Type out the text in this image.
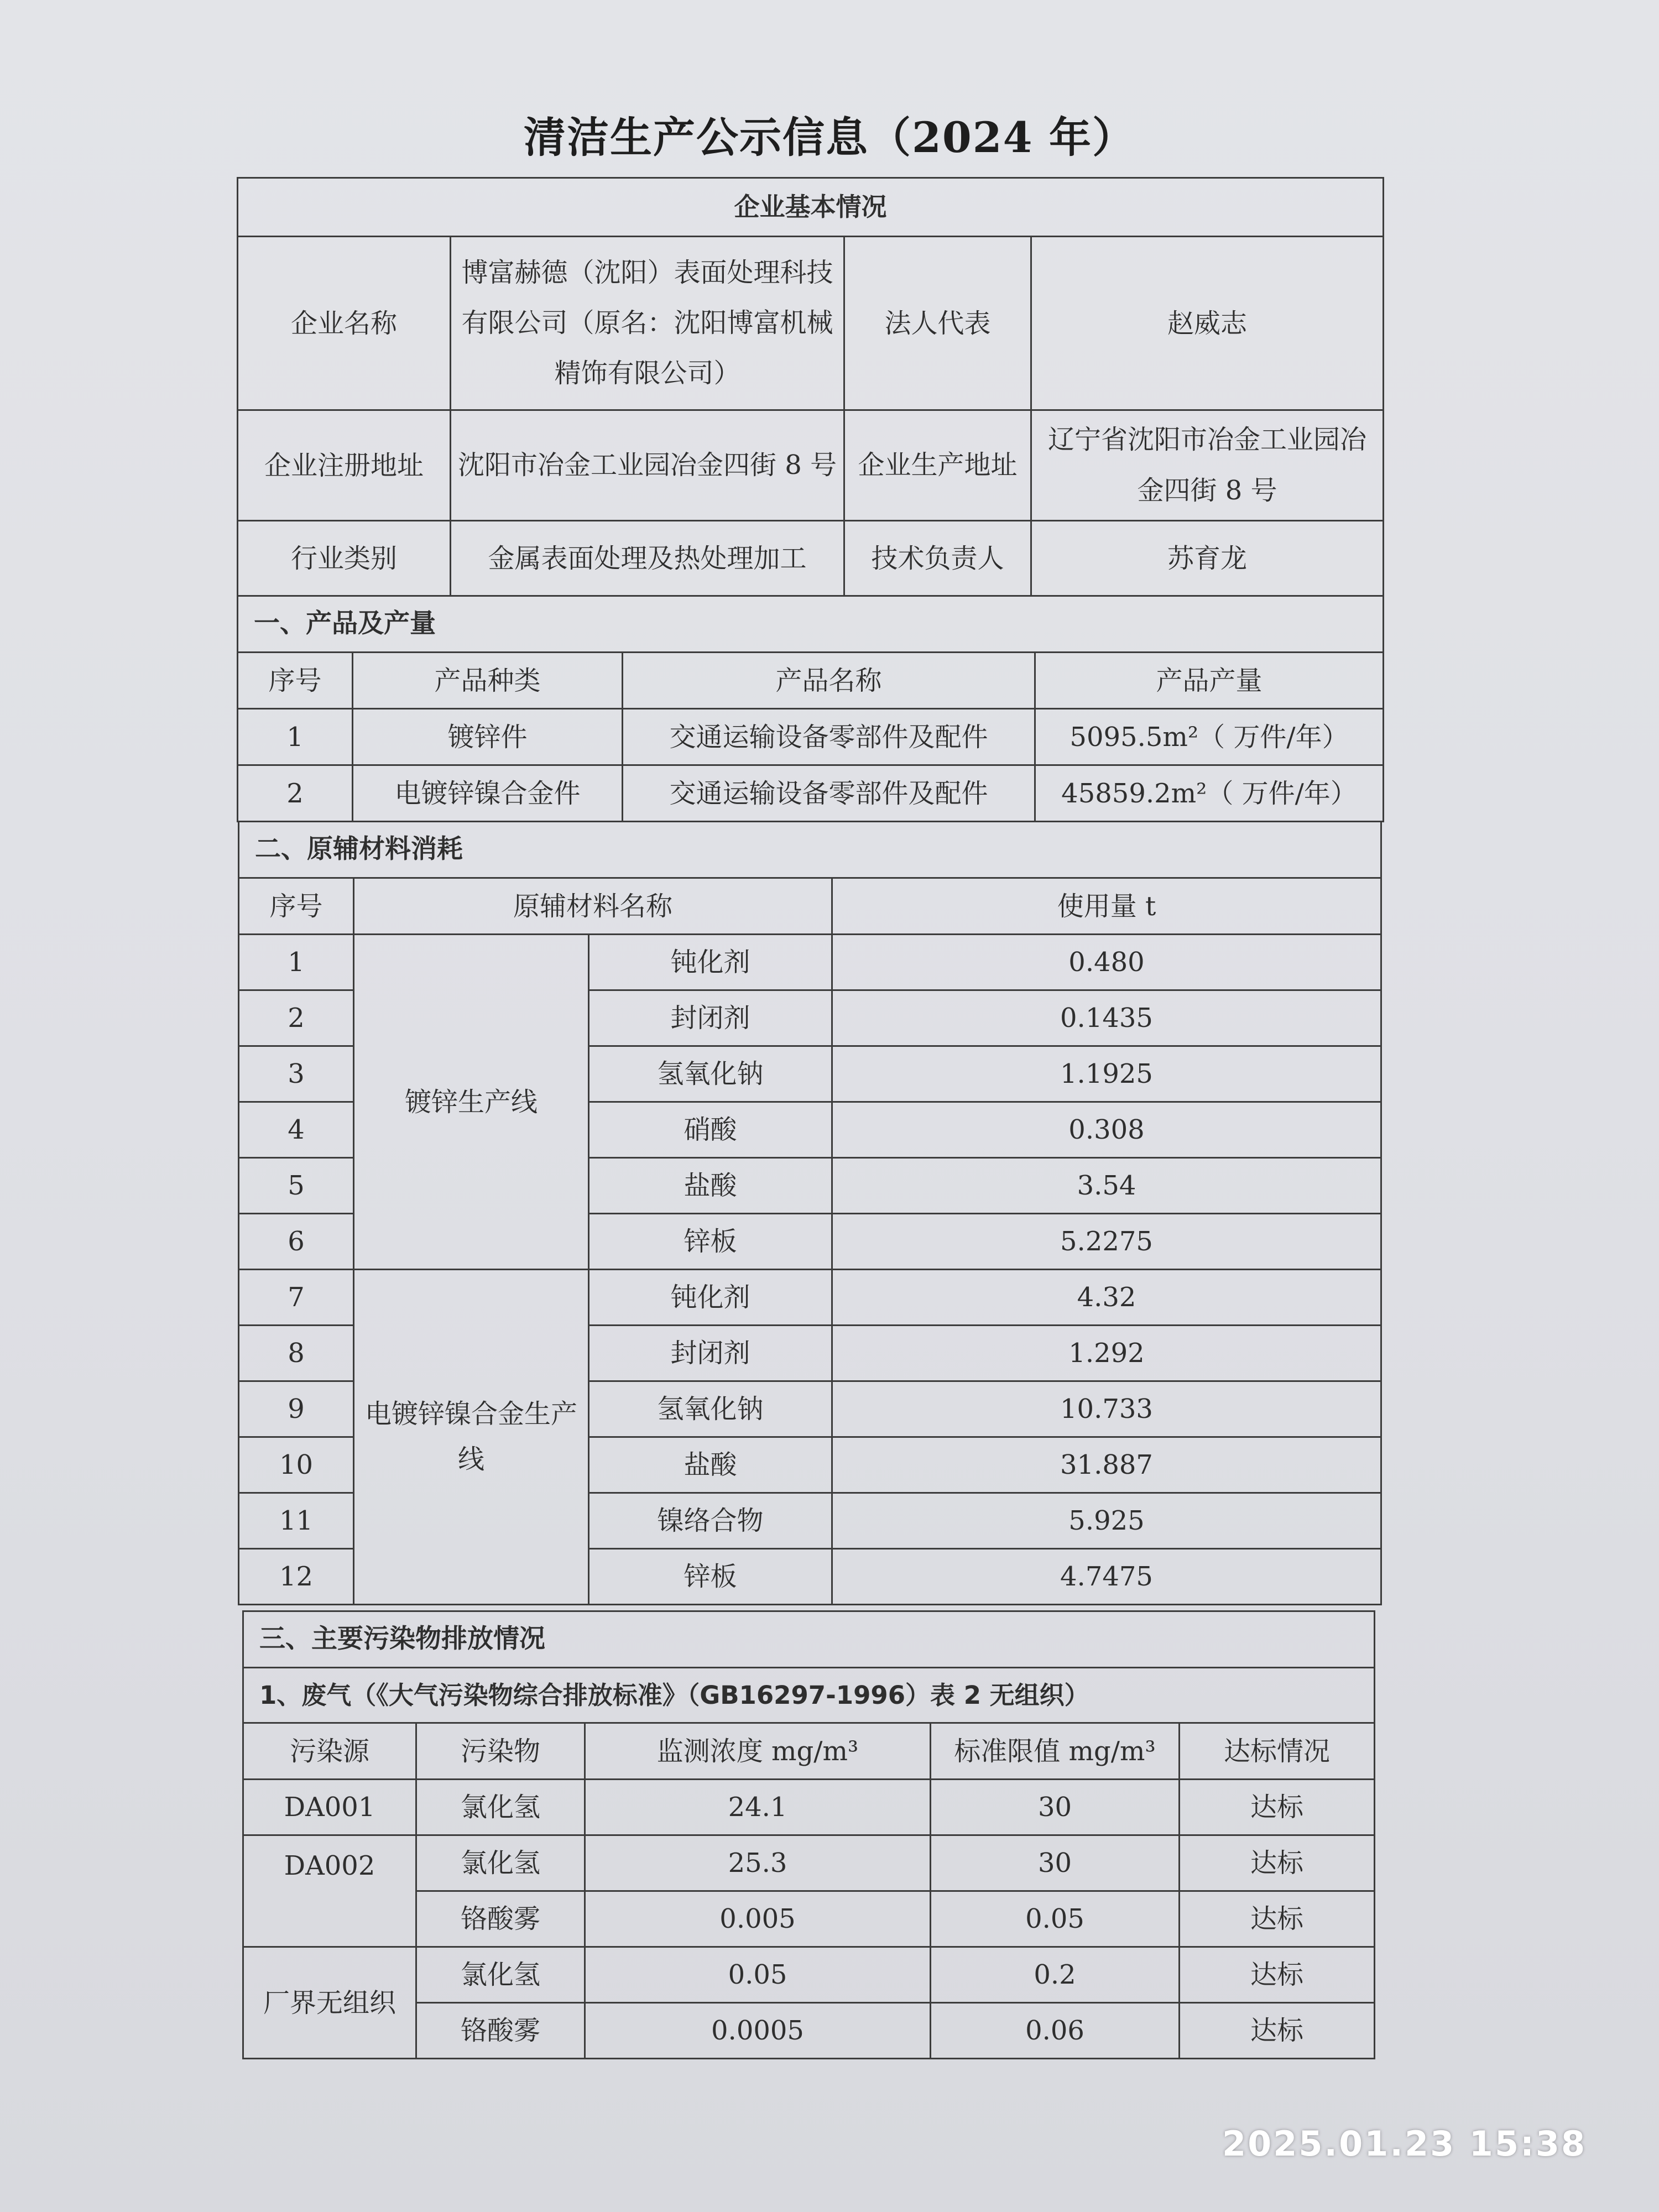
清洁生产公示信息（2024 年）
企业基本情况			
企业名称	博富赫德（沈阳）表面处理科技有限公司（原名：沈阳博富机械精饰有限公司）	法人代表	赵威志
企业注册地址	沈阳市冶金工业园冶金四街 8 号	企业生产地址	辽宁省沈阳市冶金工业园冶金四街 8 号
行业类别	金属表面处理及热处理加工	技术负责人	苏育龙
一、产品及产量			
序号	产品种类	产品名称	产品产量
1	镀锌件	交通运输设备零部件及配件	5095.5m²（ 万件/年）
2	电镀锌镍合金件	交通运输设备零部件及配件	45859.2m²（ 万件/年）
二、原辅材料消耗			
序号	原辅材料名称		使用量 t
1	镀锌生产线	钝化剂	0.480
2		封闭剂	0.1435
3		氢氧化钠	1.1925
4		硝酸	0.308
5		盐酸	3.54
6		锌板	5.2275
7	电镀锌镍合金生产线	钝化剂	4.32
8		封闭剂	1.292
9		氢氧化钠	10.733
10		盐酸	31.887
11		镍络合物	5.925
12		锌板	4.7475
三、主要污染物排放情况				
1、废气（《大气污染物综合排放标准》（GB16297-1996）表 2 无组织）				
污染源	污染物	监测浓度 mg/m³	标准限值 mg/m³	达标情况
DA001	氯化氢	24.1	30	达标
DA002	氯化氢	25.3	30	达标
	铬酸雾	0.005	0.05	达标
厂界无组织	氯化氢	0.05	0.2	达标
	铬酸雾	0.0005	0.06	达标
2025.01.23 15:38
